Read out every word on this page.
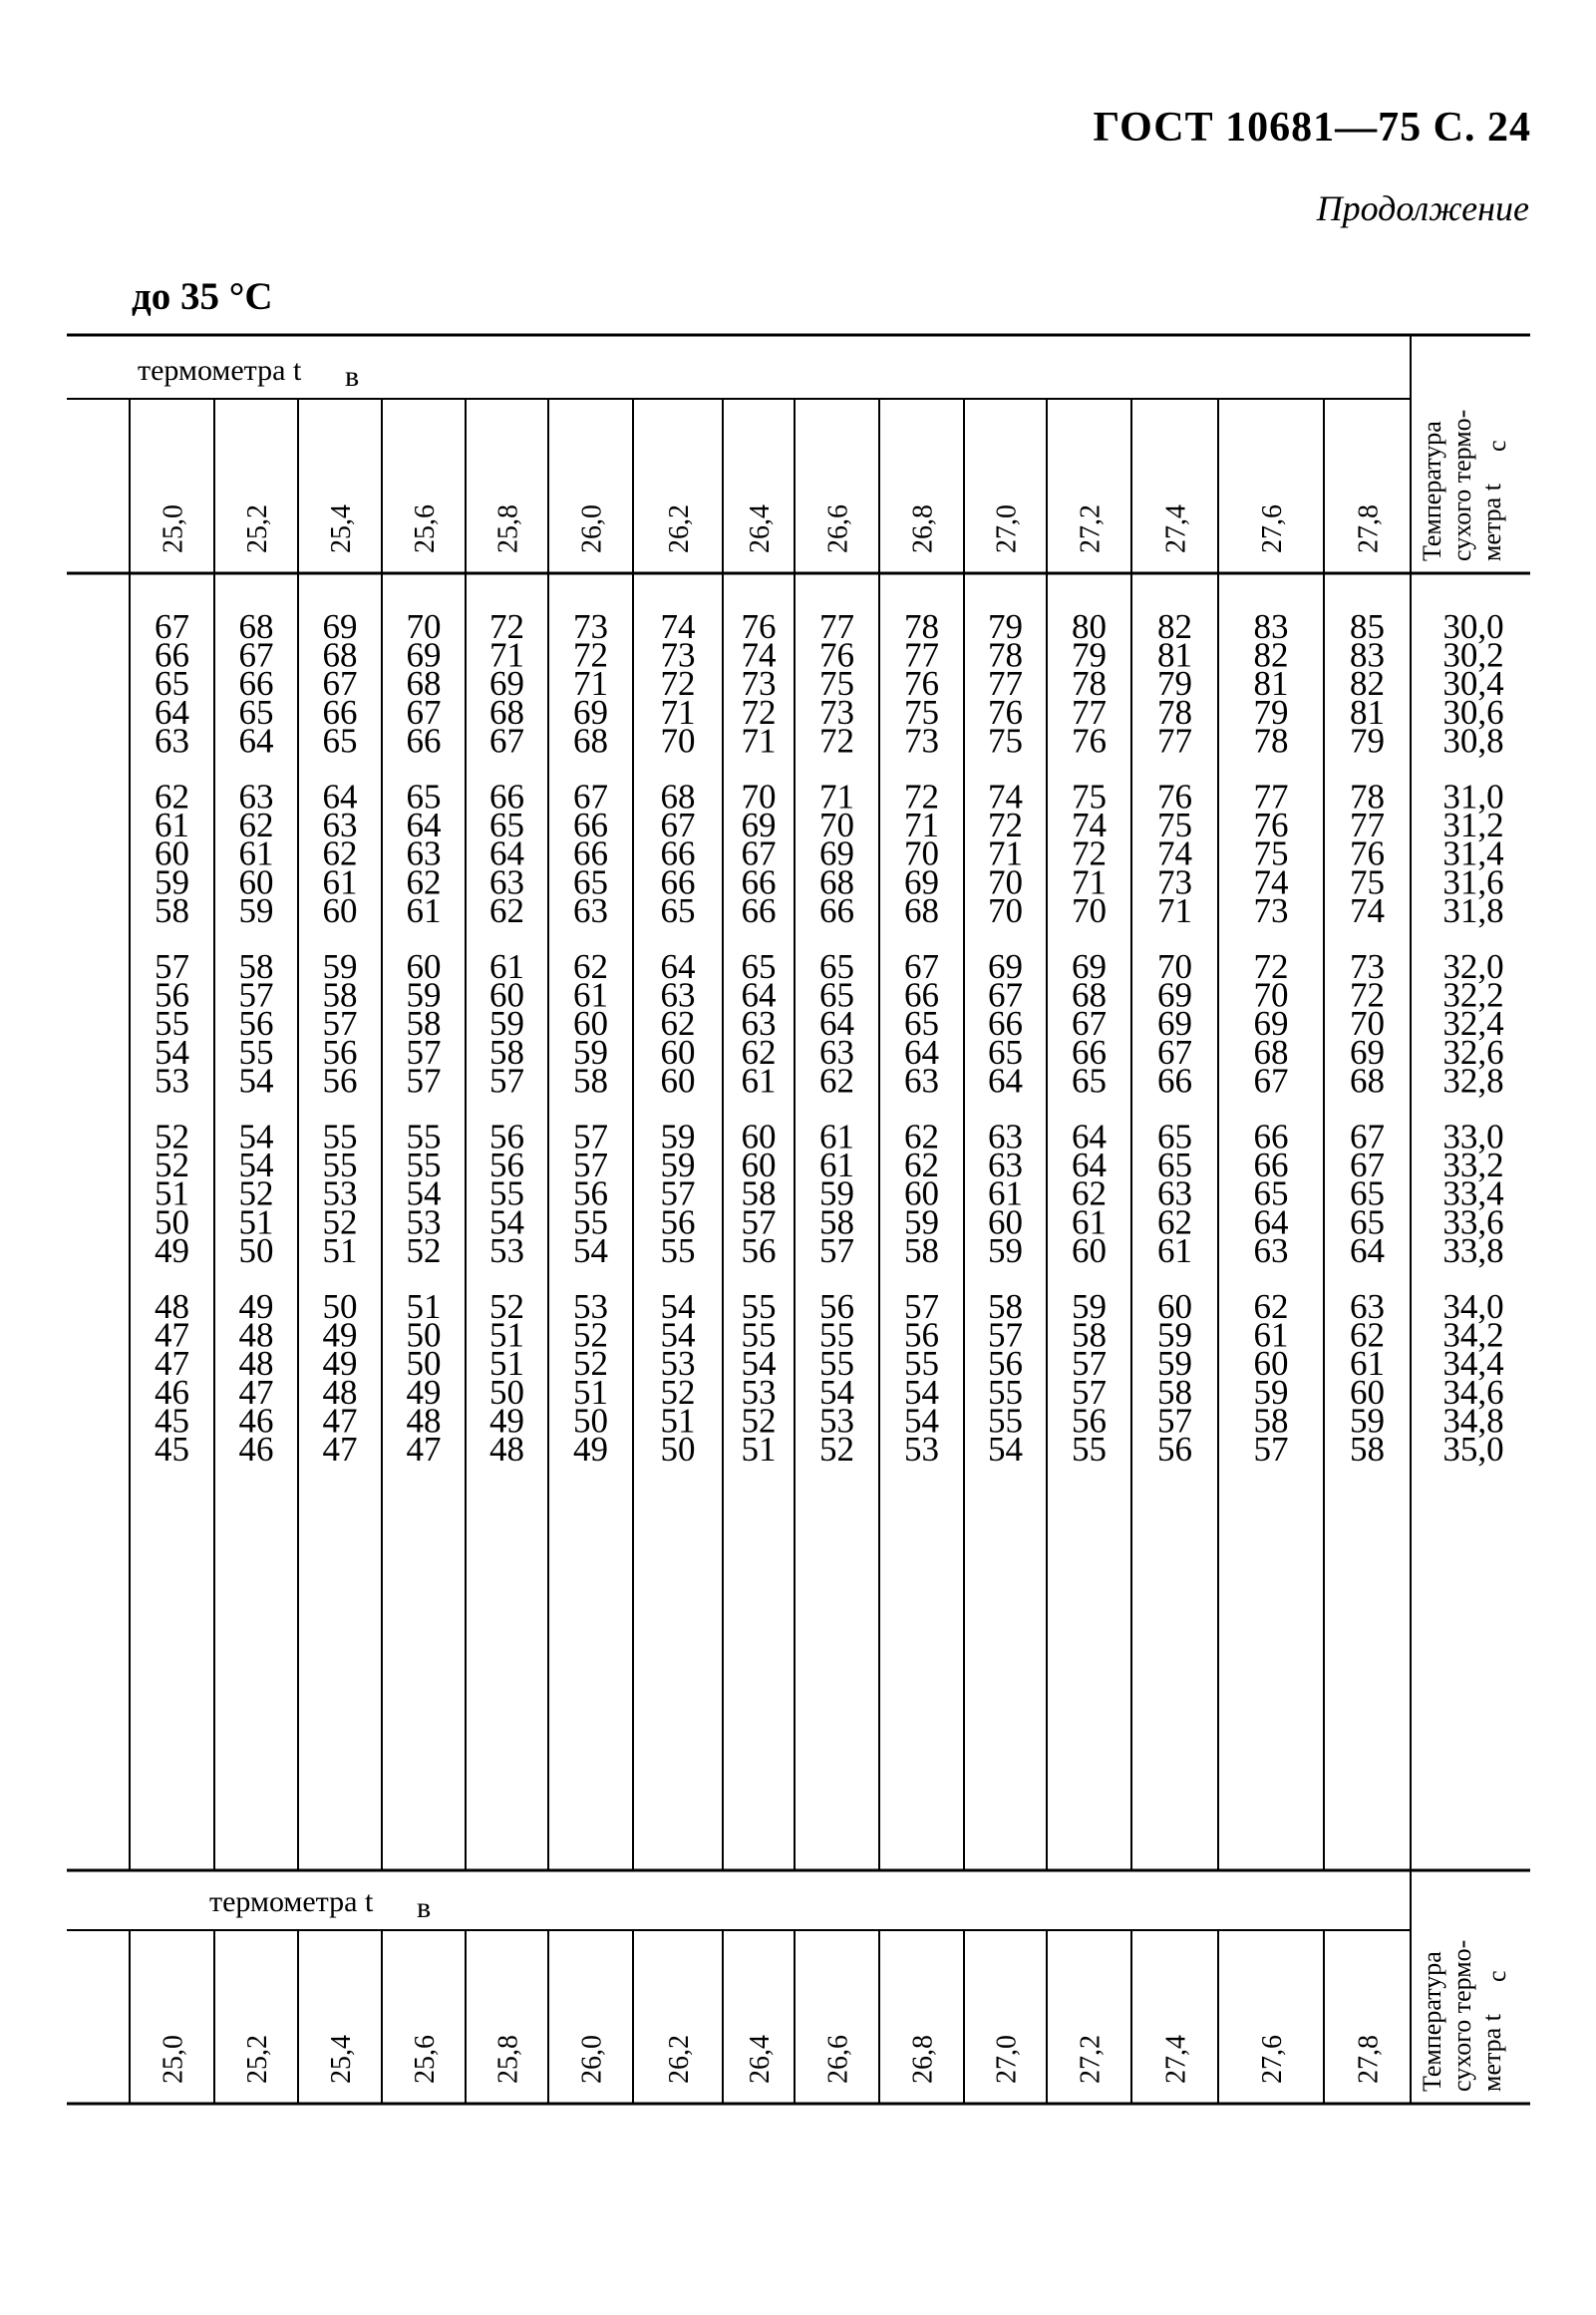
ГОСТ 10681—75 С. 24
Продолжение
до 35 °С
термометра t в
25,0 25,2 25,4 25,6 25,8 26,0 26,2 26,4 26,6 26,8 27,0 27,2 27,4 27,6 27,8 Температура сухого термо- метра t
с
67 68 69 70 72 73 74 76 77 78 79 80 82 83 85 30,0
66 67 68 69 71 72 73 74 76 77 78 79 81 82 83 30,2
65 66 67 68 69 71 72 73 75 76 77 78 79 81 82 30,4
64 65 66 67 68 69 71 72 73 75 76 77 78 79 81 30,6
63 64 65 66 67 68 70 71 72 73 75 76 77 78 79 30,8
62 63 64 65 66 67 68 70 71 72 74 75 76 77 78 31,0
61 62 63 64 65 66 67 69 70 71 72 74 75 76 77 31,2
60 61 62 63 64 66 66 67 69 70 71 72 74 75 76 31,4
59 60 61 62 63 65 66 66 68 69 70 71 73 74 75 31,6
58 59 60 61 62 63 65 66 66 68 70 70 71 73 74 31,8
57 58 59 60 61 62 64 65 65 67 69 69 70 72 73 32,0
56 57 58 59 60 61 63 64 65 66 67 68 69 70 72 32,2
55 56 57 58 59 60 62 63 64 65 66 67 69 69 70 32,4
54 55 56 57 58 59 60 62 63 64 65 66 67 68 69 32,6
53 54 56 57 57 58 60 61 62 63 64 65 66 67 68 32,8
52 54 55 55 56 57 59 60 61 62 63 64 65 66 67 33,0
52 54 55 55 56 57 59 60 61 62 63 64 65 66 67 33,2
51 52 53 54 55 56 57 58 59 60 61 62 63 65 65 33,4
50 51 52 53 54 55 56 57 58 59 60 61 62 64 65 33,6
49 50 51 52 53 54 55 56 57 58 59 60 61 63 64 33,8
48 49 50 51 52 53 54 55 56 57 58 59 60 62 63 34,0
47 48 49 50 51 52 54 55 55 56 57 58 59 61 62 34,2
47 48 49 50 51 52 53 54 55 55 56 57 59 60 61 34,4
46 47 48 49 50 51 52 53 54 54 55 57 58 59 60 34,6
45 46 47 48 49 50 51 52 53 54 55 56 57 58 59 34,8
45 46 47 47 48 49 50 51 52 53 54 55 56 57 58 35,0
термометра t в
25,0 25,2 25,4 25,6 25,8 26,0 26,2 26,4 26,6 26,8 27,0 27,2 27,4 27,6 27,8 Температура сухого термо- метра t
с
